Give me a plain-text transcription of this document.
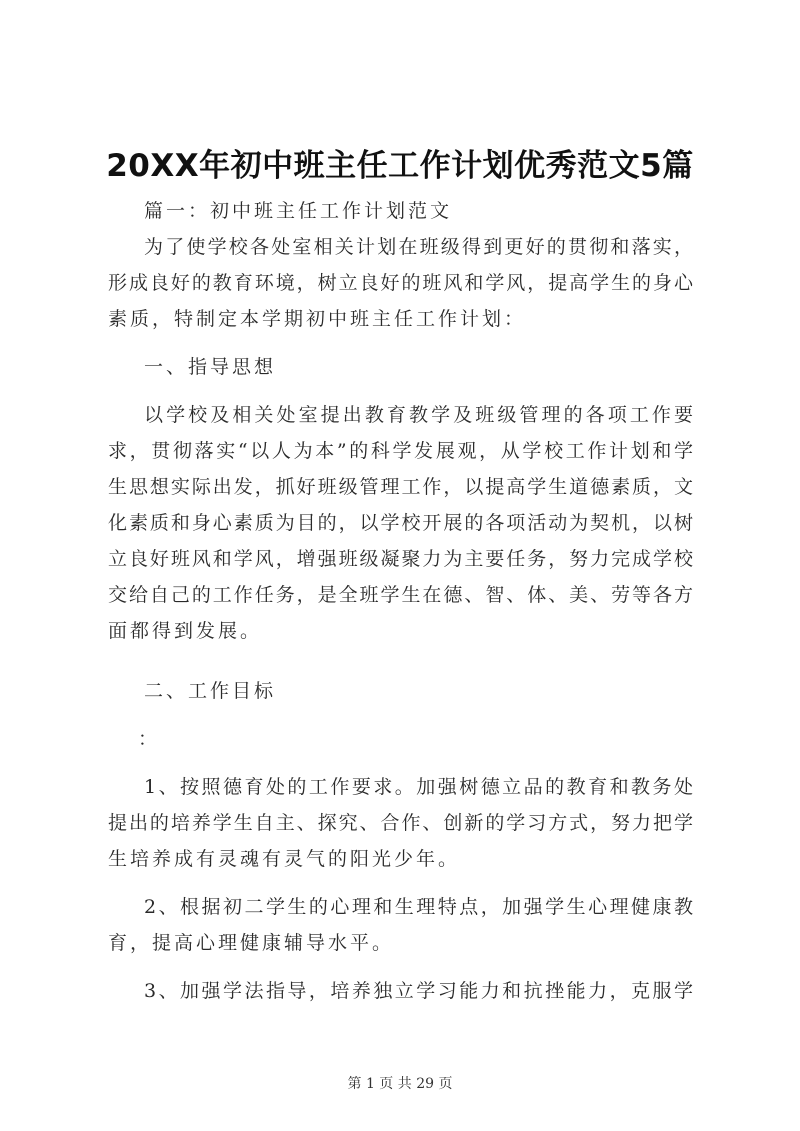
20XX年初中班主任工作计划优秀范文5篇
篇一：初中班主任工作计划范文
为了使学校各处室相关计划在班级得到更好的贯彻和落实，
形成良好的教育环境，树立良好的班风和学风，提高学生的身心
素质，特制定本学期初中班主任工作计划：
一、指导思想
以学校及相关处室提出教育教学及班级管理的各项工作要
求，贯彻落实“以人为本”的科学发展观，从学校工作计划和学
生思想实际出发，抓好班级管理工作，以提高学生道德素质，文
化素质和身心素质为目的，以学校开展的各项活动为契机，以树
立良好班风和学风，增强班级凝聚力为主要任务，努力完成学校
交给自己的工作任务，是全班学生在德、智、体、美、劳等各方
面都得到发展。
二、工作目标
：
1、按照德育处的工作要求。加强树德立品的教育和教务处
提出的培养学生自主、探究、合作、创新的学习方式，努力把学
生培养成有灵魂有灵气的阳光少年。
2、根据初二学生的心理和生理特点，加强学生心理健康教
育，提高心理健康辅导水平。
3、加强学法指导，培养独立学习能力和抗挫能力，克服学
第 1 页 共 29 页
